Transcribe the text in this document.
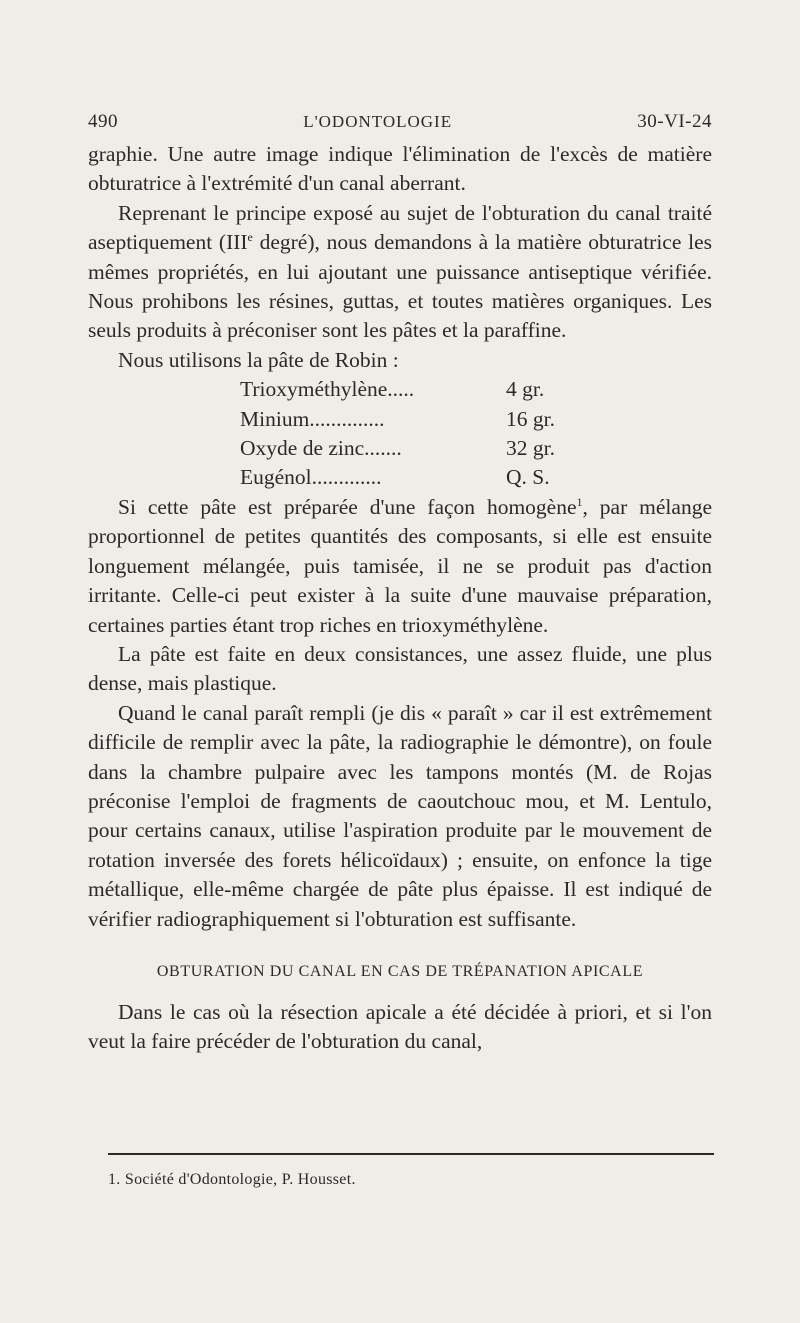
490	L'ODONTOLOGIE	30-VI-24

graphie. Une autre image indique l'élimination de l'excès de matière obturatrice à l'extrémité d'un canal aberrant.

Reprenant le principe exposé au sujet de l'obturation du canal traité aseptiquement (IIIe degré), nous demandons à la matière obturatrice les mêmes propriétés, en lui ajoutant une puissance antiseptique vérifiée. Nous prohibons les résines, guttas, et toutes matières organiques. Les seuls produits à préconiser sont les pâtes et la paraffine.

Nous utilisons la pâte de Robin :

Trioxyméthylène.....	4 gr.
Minium..............	16 gr.
Oxyde de zinc.......	32 gr.
Eugénol.............	Q. S.

Si cette pâte est préparée d'une façon homogène$^1$, par mélange proportionnel de petites quantités des composants, si elle est ensuite longuement mélangée, puis tamisée, il ne se produit pas d'action irritante. Celle-ci peut exister à la suite d'une mauvaise préparation, certaines parties étant trop riches en trioxyméthylène.

La pâte est faite en deux consistances, une assez fluide, une plus dense, mais plastique.

Quand le canal paraît rempli (je dis « paraît » car il est extrêmement difficile de remplir avec la pâte, la radiographie le démontre), on foule dans la chambre pulpaire avec les tampons montés (M. de Rojas préconise l'emploi de fragments de caoutchouc mou, et M. Lentulo, pour certains canaux, utilise l'aspiration produite par le mouvement de rotation inversée des forets hélicoïdaux) ; ensuite, on enfonce la tige métallique, elle-même chargée de pâte plus épaisse. Il est indiqué de vérifier radiographiquement si l'obturation est suffisante.

OBTURATION DU CANAL EN CAS DE TRÉPANATION APICALE

Dans le cas où la résection apicale a été décidée à priori, et si l'on veut la faire précéder de l'obturation du canal,

1. Société d'Odontologie, P. Housset.
